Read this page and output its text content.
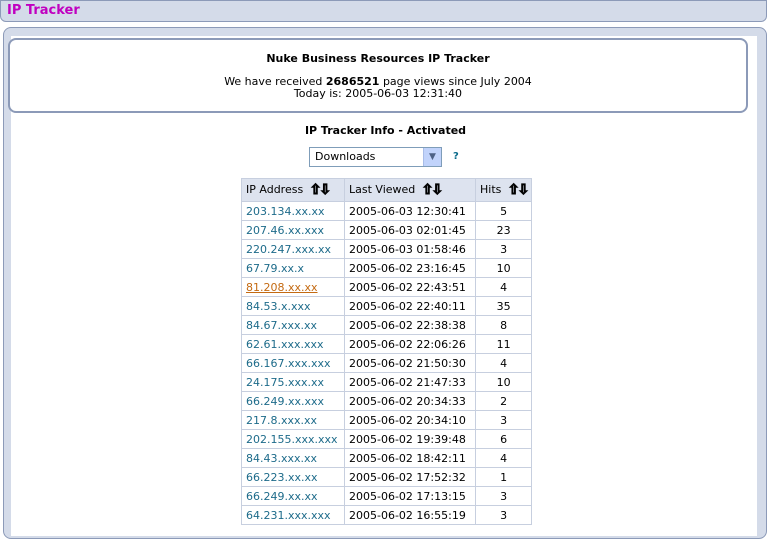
IP Tracker
Nuke Business Resources IP Tracker
We have received 2686521 page views since July 2004
Today is: 2005-06-03 12:31:40
IP Tracker Info - Activated
Downloads	▼	?
IP Address ⇧⇩	Last Viewed ⇧⇩	Hits ⇧⇩
203.134.xx.xx	2005-06-03 12:30:41	5
207.46.xx.xxx	2005-06-03 02:01:45	23
220.247.xxx.xx	2005-06-03 01:58:46	3
67.79.xx.x	2005-06-02 23:16:45	10
81.208.xx.xx	2005-06-02 22:43:51	4
84.53.x.xxx	2005-06-02 22:40:11	35
84.67.xxx.xx	2005-06-02 22:38:38	8
62.61.xxx.xxx	2005-06-02 22:06:26	11
66.167.xxx.xxx	2005-06-02 21:50:30	4
24.175.xxx.xx	2005-06-02 21:47:33	10
66.249.xx.xxx	2005-06-02 20:34:33	2
217.8.xxx.xx	2005-06-02 20:34:10	3
202.155.xxx.xxx	2005-06-02 19:39:48	6
84.43.xxx.xx	2005-06-02 18:42:11	4
66.223.xx.xx	2005-06-02 17:52:32	1
66.249.xx.xx	2005-06-02 17:13:15	3
64.231.xxx.xxx	2005-06-02 16:55:19	3
